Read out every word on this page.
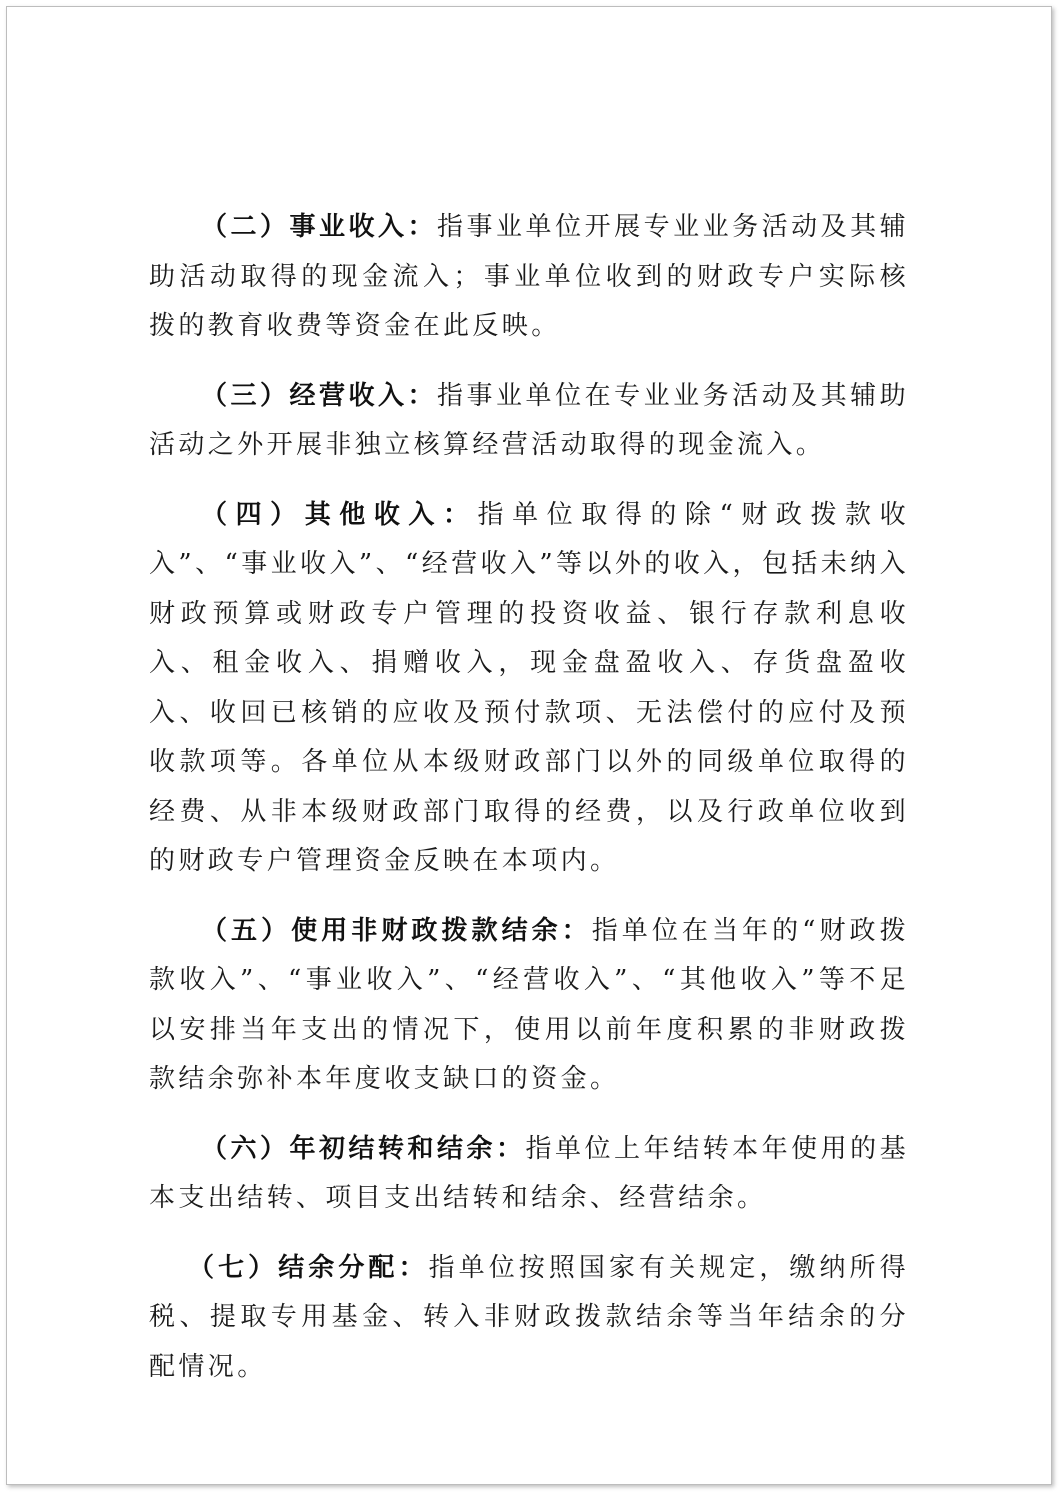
（二）事业收入：指事业单位开展专业业务活动及其辅助活动取得的现金流入；事业单位收到的财政专户实际核拨的教育收费等资金在此反映。

（三）经营收入：指事业单位在专业业务活动及其辅助活动之外开展非独立核算经营活动取得的现金流入。

（四）其他收入：指单位取得的除“财政拨款收入”、“事业收入”、“经营收入”等以外的收入，包括未纳入财政预算或财政专户管理的投资收益、银行存款利息收入、租金收入、捐赠收入，现金盘盈收入、存货盘盈收入、收回已核销的应收及预付款项、无法偿付的应付及预收款项等。各单位从本级财政部门以外的同级单位取得的经费、从非本级财政部门取得的经费，以及行政单位收到的财政专户管理资金反映在本项内。

（五）使用非财政拨款结余：指单位在当年的“财政拨款收入”、“事业收入”、“经营收入”、“其他收入”等不足以安排当年支出的情况下，使用以前年度积累的非财政拨款结余弥补本年度收支缺口的资金。

（六）年初结转和结余：指单位上年结转本年使用的基本支出结转、项目支出结转和结余、经营结余。

（七）结余分配：指单位按照国家有关规定，缴纳所得税、提取专用基金、转入非财政拨款结余等当年结余的分配情况。
